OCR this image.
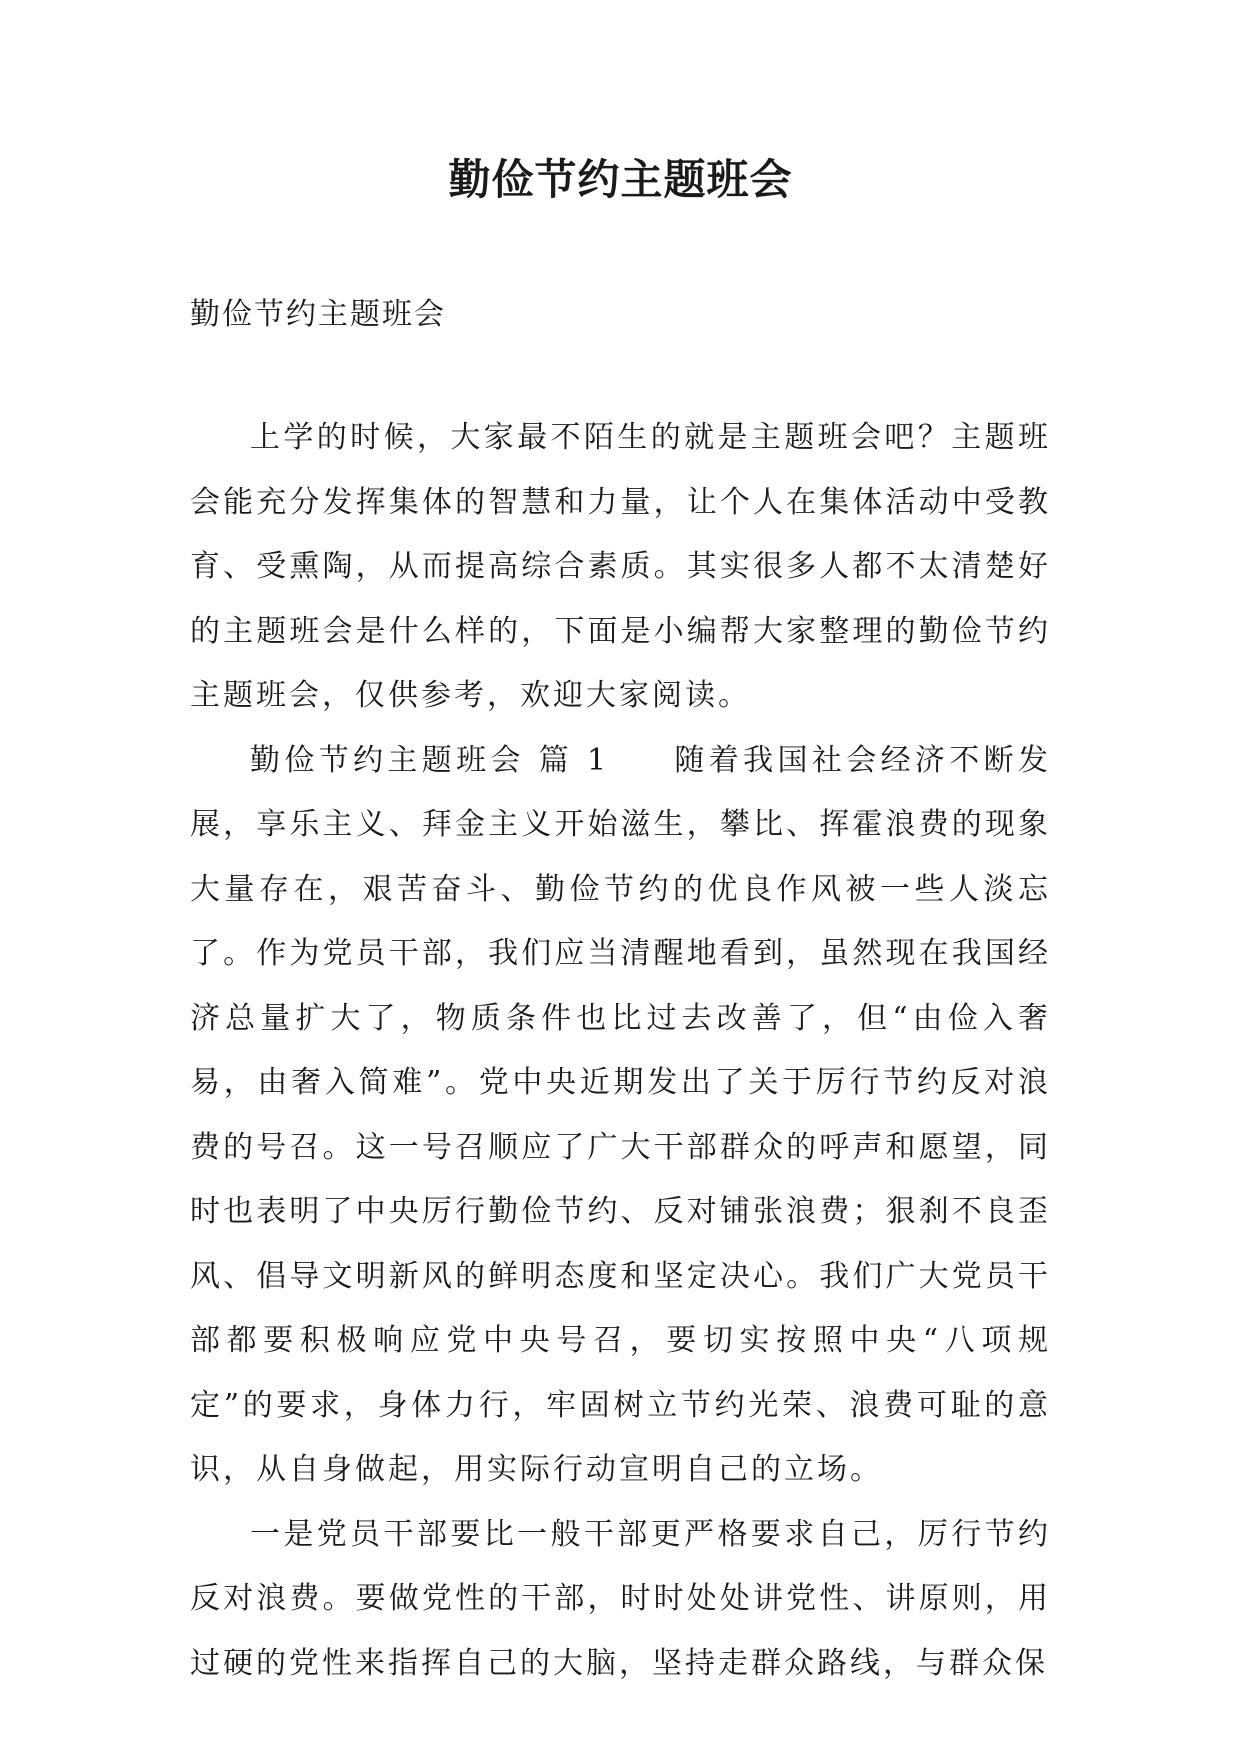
勤俭节约主题班会

勤俭节约主题班会

上学的时候，大家最不陌生的就是主题班会吧？主题班会能充分发挥集体的智慧和力量，让个人在集体活动中受教育、受熏陶，从而提高综合素质。其实很多人都不太清楚好的主题班会是什么样的，下面是小编帮大家整理的勤俭节约主题班会，仅供参考，欢迎大家阅读。

勤俭节约主题班会 篇 1 随着我国社会经济不断发展，享乐主义、拜金主义开始滋生，攀比、挥霍浪费的现象大量存在，艰苦奋斗、勤俭节约的优良作风被一些人淡忘了。作为党员干部，我们应当清醒地看到，虽然现在我国经济总量扩大了，物质条件也比过去改善了，但“由俭入奢易，由奢入简难”。党中央近期发出了关于厉行节约反对浪费的号召。这一号召顺应了广大干部群众的呼声和愿望，同时也表明了中央厉行勤俭节约、反对铺张浪费；狠刹不良歪风、倡导文明新风的鲜明态度和坚定决心。我们广大党员干部都要积极响应党中央号召，要切实按照中央“八项规定”的要求，身体力行，牢固树立节约光荣、浪费可耻的意识，从自身做起，用实际行动宣明自己的立场。

一是党员干部要比一般干部更严格要求自己，厉行节约反对浪费。要做党性的干部，时时处处讲党性、讲原则，用过硬的党性来指挥自己的大脑，坚持走群众路线，与群众保
